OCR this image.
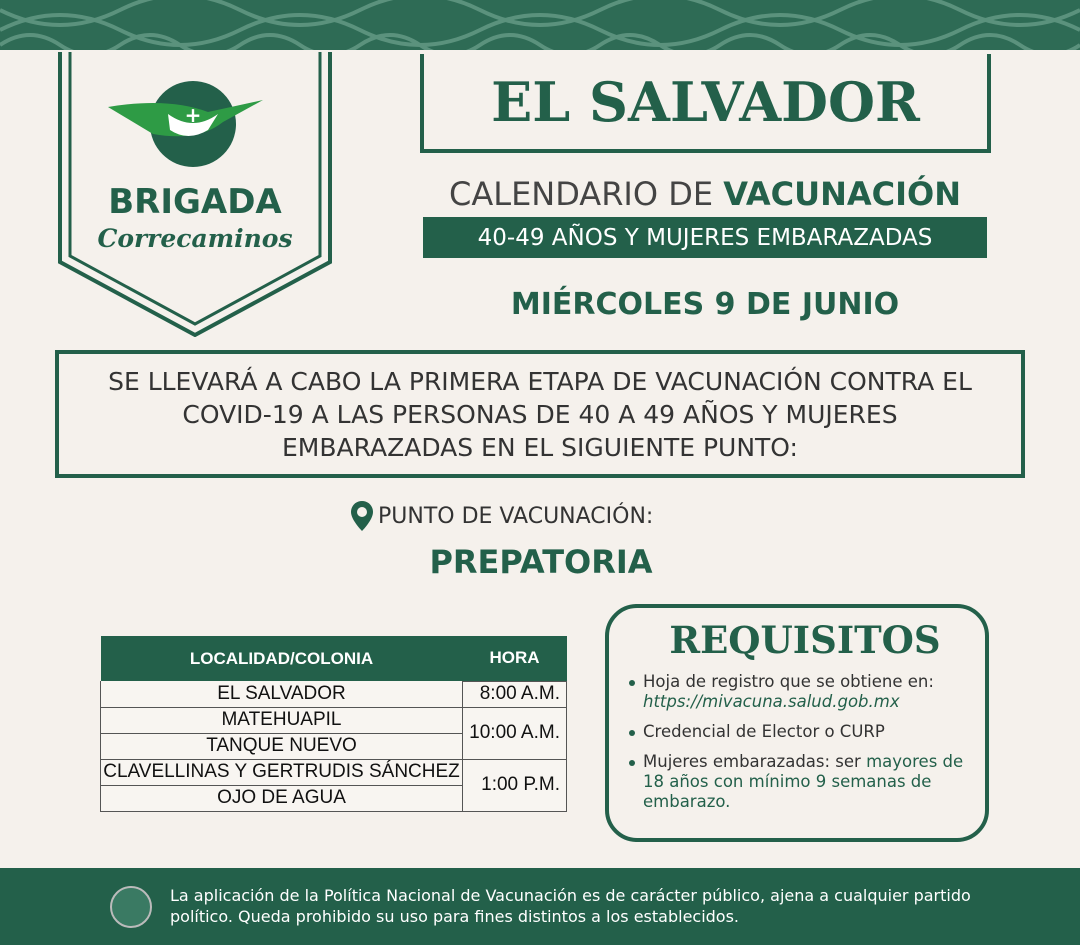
+
BRIGADA
Correcaminos
EL SALVADOR
CALENDARIO DE VACUNACIÓN
40-49 AÑOS Y MUJERES EMBARAZADAS
MIÉRCOLES 9 DE JUNIO
SE LLEVARÁ A CABO LA PRIMERA ETAPA DE VACUNACIÓN CONTRA EL COVID-19 A LAS PERSONAS DE 40 A 49 AÑOS Y MUJERES EMBARAZADAS EN EL SIGUIENTE PUNTO:
PUNTO DE VACUNACIÓN:
PREPATORIA
LOCALIDAD/COLONIA	HORA
EL SALVADOR	8:00 A.M.
MATEHUAPIL	10:00 A.M.
TANQUE NUEVO	
CLAVELLINAS Y GERTRUDIS SÁNCHEZ	1:00 P.M.
OJO DE AGUA	
REQUISITOS
Hoja de registro que se obtiene en: https://mivacuna.salud.gob.mx
Credencial de Elector o CURP
Mujeres embarazadas: ser mayores de 18 años con mínimo 9 semanas de embarazo.

La aplicación de la Política Nacional de Vacunación es de carácter público, ajena a cualquier partido político. Queda prohibido su uso para fines distintos a los establecidos.
